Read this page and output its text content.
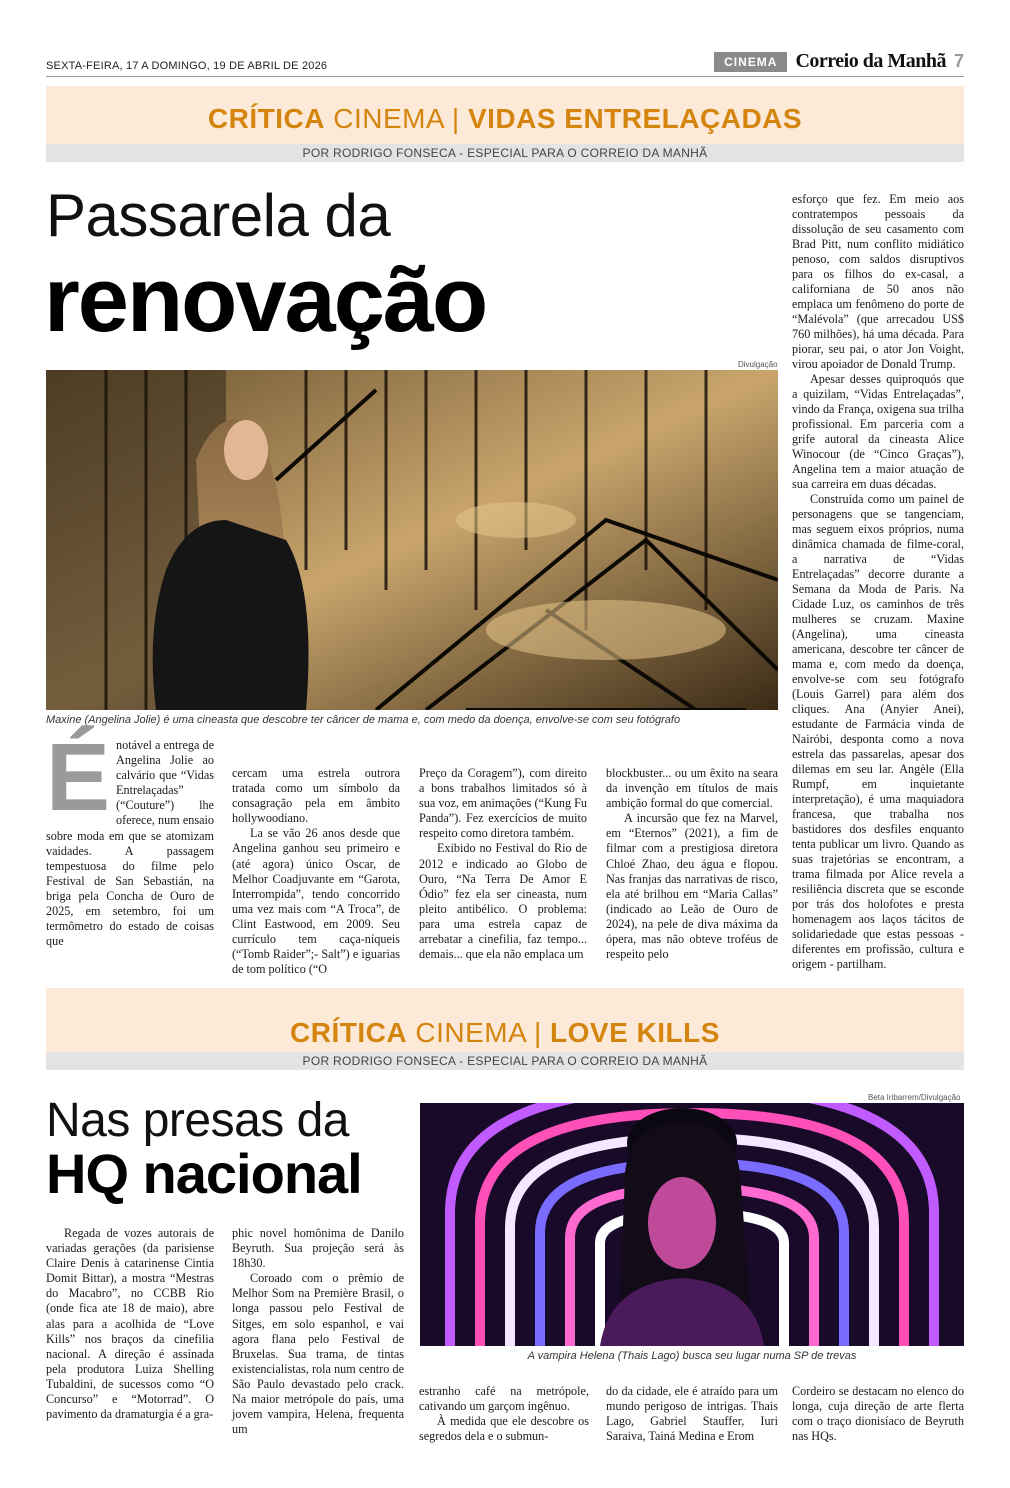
SEXTA-FEIRA, 17 A DOMINGO, 19 DE ABRIL DE 2026	CINEMA Correio da Manhã 7
CRÍTICA CINEMA | VIDAS ENTRELAÇADAS
POR RODRIGO FONSECA - ESPECIAL PARA O CORREIO DA MANHÃ
Passarela da
renovação
Divulgação
Maxine (Angelina Jolie) é uma cineasta que descobre ter câncer de mama e, com medo da doença, envolve-se com seu fotógrafo
É notável a entrega de Angelina Jolie ao calvário que “Vidas Entrelaçadas” (“Couture”) lhe oferece, num ensaio sobre moda em que se atomizam vaidades. A passagem tempestuosa do filme pelo Festival de San Sebastián, na briga pela Concha de Ouro de 2025, em setembro, foi um termômetro do estado de coisas que

cercam uma estrela outrora tratada como um símbolo da consagração pela em âmbito hollywoodiano.

La se vão 26 anos desde que Angelina ganhou seu primeiro e (até agora) único Oscar, de Melhor Coadjuvante em “Garota, Interrompida”, tendo concorrido uma vez mais com “A Troca”, de Clint Eastwood, em 2009. Seu currículo tem caça-níqueis (“Tomb Raider”;- Salt”) e iguarias de tom político (“O

Preço da Coragem”), com direito a bons trabalhos limitados só à sua voz, em animações (“Kung Fu Panda”). Fez exercícios de muito respeito como diretora também.

Exibido no Festival do Rio de 2012 e indicado ao Globo de Ouro, “Na Terra De Amor E Ódio” fez ela ser cineasta, num pleito antibélico. O problema: para uma estrela capaz de arrebatar a cinefilia, faz tempo... demais... que ela não emplaca um

blockbuster... ou um êxito na seara da invenção em títulos de mais ambição formal do que comercial.

A incursão que fez na Marvel, em “Eternos” (2021), a fim de filmar com a prestigiosa diretora Chloé Zhao, deu água e flopou. Nas franjas das narrativas de risco, ela até brilhou em “Maria Callas” (indicado ao Leão de Ouro de 2024), na pele de diva máxima da ópera, mas não obteve troféus de respeito pelo

esforço que fez. Em meio aos contratempos pessoais da dissolução de seu casamento com Brad Pitt, num conflito midiático penoso, com saldos disruptivos para os filhos do ex-casal, a californiana de 50 anos não emplaca um fenômeno do porte de “Malévola” (que arrecadou US$ 760 milhões), há uma década. Para piorar, seu pai, o ator Jon Voight, virou apoiador de Donald Trump.

Apesar desses quiproquós que a quizilam, “Vidas Entrelaçadas”, vindo da França, oxigena sua trilha profissional. Em parceria com a grife autoral da cineasta Alice Winocour (de “Cinco Graças”), Angelina tem a maior atuação de sua carreira em duas décadas.

Construída como um painel de personagens que se tangenciam, mas seguem eixos próprios, numa dinâmica chamada de filme-coral, a narrativa de “Vidas Entrelaçadas” decorre durante a Semana da Moda de Paris. Na Cidade Luz, os caminhos de três mulheres se cruzam. Maxine (Angelina), uma cineasta americana, descobre ter câncer de mama e, com medo da doença, envolve-se com seu fotógrafo (Louis Garrel) para além dos cliques. Ana (Anyier Anei), estudante de Farmácia vinda de Nairóbi, desponta como a nova estrela das passarelas, apesar dos dilemas em seu lar. Angèle (Ella Rumpf, em inquietante interpretação), é uma maquiadora francesa, que trabalha nos bastidores dos desfiles enquanto tenta publicar um livro. Quando as suas trajetórias se encontram, a trama filmada por Alice revela a resiliência discreta que se esconde por trás dos holofotes e presta homenagem aos laços tácitos de solidariedade que estas pessoas - diferentes em profissão, cultura e origem - partilham.

CRÍTICA CINEMA | LOVE KILLS
POR RODRIGO FONSECA - ESPECIAL PARA O CORREIO DA MANHÃ
Nas presas da
HQ nacional
Beta Iribarrem/Divulgação
A vampira Helena (Thais Lago) busca seu lugar numa SP de trevas

Regada de vozes autorais de variadas gerações (da parisiense Claire Denis à catarinense Cintia Domit Bittar), a mostra “Mestras do Macabro”, no CCBB Rio (onde fica ate 18 de maio), abre alas para a acolhida de “Love Kills” nos braços da cinefilia nacional. A direção é assinada pela produtora Luiza Shelling Tubaldini, de sucessos como “O Concurso” e “Motorrad”. O pavimento da dramaturgia é a gra-

phic novel homônima de Danilo Beyruth. Sua projeção será às 18h30.

Coroado com o prêmio de Melhor Som na Première Brasil, o longa passou pelo Festival de Sitges, em solo espanhol, e vai agora flana pelo Festival de Bruxelas. Sua trama, de tintas existencialistas, rola num centro de São Paulo devastado pelo crack. Na maior metrópole do país, uma jovem vampira, Helena, frequenta um

estranho café na metrópole, cativando um garçom ingênuo.

À medida que ele descobre os segredos dela e o submun-

do da cidade, ele é atraído para um mundo perigoso de intrigas. Thais Lago, Gabriel Stauffer, Iuri Saraiva, Tainá Medina e Erom

Cordeiro se destacam no elenco do longa, cuja direção de arte flerta com o traço dionisíaco de Beyruth nas HQs.
